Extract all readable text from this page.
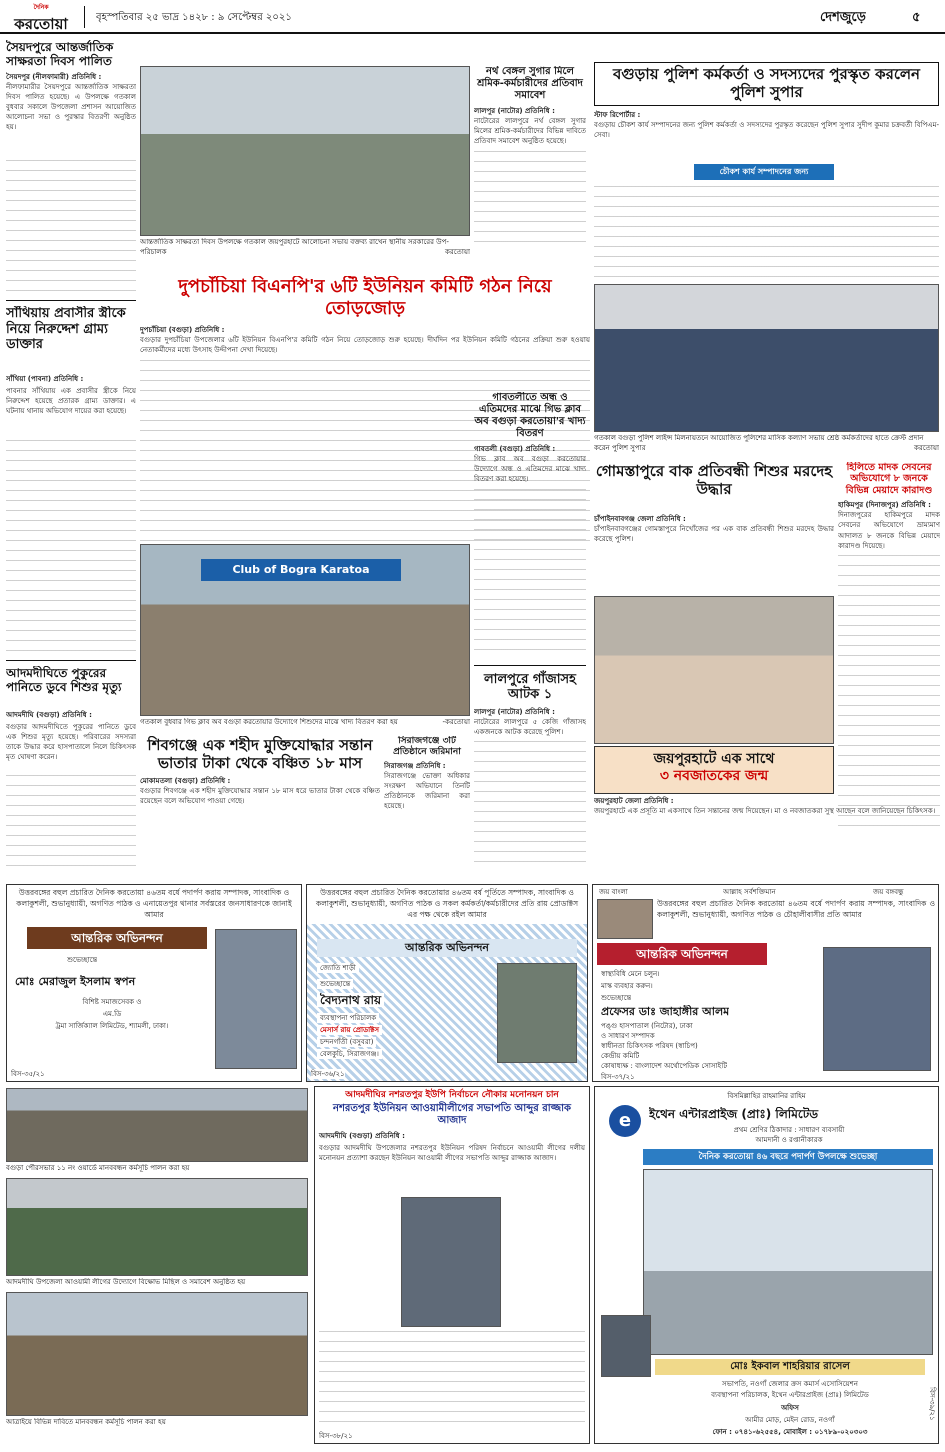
দৈনিক
করতোয়া	বৃহস্পতিবার ২৫ ভাদ্র ১৪২৮ : ৯ সেপ্টেম্বর ২০২১	দেশজুড়ে	৫
সৈয়দপুরে আন্তর্জাতিক সাক্ষরতা দিবস পালিত
সৈয়দপুর (নীলফামারী) প্রতিনিধি :
নীলফামারীর সৈয়দপুরে আন্তর্জাতিক সাক্ষরতা দিবস পালিত হয়েছে। এ উপলক্ষে গতকাল বুধবার সকালে উপজেলা প্রশাসন আয়োজিত আলোচনা সভা ও পুরস্কার বিতরণী অনুষ্ঠিত হয়।
সাঁথিয়ায় প্রবাসীর স্ত্রীকে নিয়ে নিরুদ্দেশ গ্রাম্য ডাক্তার
সাঁথিয়া (পাবনা) প্রতিনিধি :
পাবনার সাঁথিয়ায় এক প্রবাসীর স্ত্রীকে নিয়ে নিরুদ্দেশ হয়েছে প্রতারক গ্রাম্য ডাক্তার। এ ঘটনায় থানায় অভিযোগ দায়ের করা হয়েছে।
আদমদীঘিতে পুকুরের পানিতে ডুবে শিশুর মৃত্যু
আদমদীঘি (বগুড়া) প্রতিনিধি :
বগুড়ার আদমদীঘিতে পুকুরের পানিতে ডুবে এক শিশুর মৃত্যু হয়েছে। পরিবারের সদস্যরা তাকে উদ্ধার করে হাসপাতালে নিলে চিকিৎসক মৃত ঘোষণা করেন।
আন্তর্জাতিক সাক্ষরতা দিবস উপলক্ষে গতকাল জয়পুরহাটে আলোচনা সভায় বক্তব্য রাখেন স্থানীয় সরকারের উপ-পরিচালক	করতোয়া
নর্থ বেঙ্গল সুগার মিলে শ্রমিক-কর্মচারীদের প্রতিবাদ সমাবেশ
লালপুর (নাটোর) প্রতিনিধি :
নাটোরের লালপুরে নর্থ বেঙ্গল সুগার মিলের শ্রমিক-কর্মচারীদের বিভিন্ন দাবিতে প্রতিবাদ সমাবেশ অনুষ্ঠিত হয়েছে।
দুপচাঁচিয়া বিএনপি'র ৬টি ইউনিয়ন কমিটি গঠন নিয়ে তোড়জোড়
দুপচাঁচিয়া (বগুড়া) প্রতিনিধি :
বগুড়ার দুপচাঁচিয়া উপজেলার ৬টি ইউনিয়ন বিএনপি'র কমিটি গঠন নিয়ে তোড়জোড় শুরু হয়েছে। দীর্ঘদিন পর ইউনিয়ন কমিটি গঠনের প্রক্রিয়া শুরু হওয়ায় নেতাকর্মীদের মধ্যে উৎসাহ উদ্দীপনা দেখা দিয়েছে।
Club of Bogra Karatoa
গতকাল বুধবার গিভ ক্লাব অব বগুড়া করতোয়ার উদ্যোগে শিশুদের মাঝে খাদ্য বিতরণ করা হয়	-করতোয়া
গাবতলীতে অন্ধ ও এতিমদের মাঝে গিভ ক্লাব অব বগুড়া করতোয়া'র খাদ্য বিতরণ
গাবতলী (বগুড়া) প্রতিনিধি :
গিভ ক্লাব অব বগুড়া করতোয়ার উদ্যোগে অন্ধ ও এতিমদের মাঝে খাদ্য বিতরণ করা হয়েছে।
লালপুরে গাঁজাসহ আটক ১
লালপুর (নাটোর) প্রতিনিধি :
নাটোরের লালপুরে ৫ কেজি গাঁজাসহ একজনকে আটক করেছে পুলিশ।
শিবগঞ্জে এক শহীদ মুক্তিযোদ্ধার সন্তান ভাতার টাকা থেকে বঞ্চিত ১৮ মাস
মোকামতলা (বগুড়া) প্রতিনিধি :
বগুড়ার শিবগঞ্জে এক শহীদ মুক্তিযোদ্ধার সন্তান ১৮ মাস ধরে ভাতার টাকা থেকে বঞ্চিত রয়েছেন বলে অভিযোগ পাওয়া গেছে।
সিরাজগঞ্জে ৩টি প্রতিষ্ঠানে জরিমানা
সিরাজগঞ্জ প্রতিনিধি :
সিরাজগঞ্জে ভোক্তা অধিকার সংরক্ষণ অভিযানে তিনটি প্রতিষ্ঠানকে জরিমানা করা হয়েছে।
বগুড়ায় পুলিশ কর্মকর্তা ও সদস্যদের পুরস্কৃত করলেন পুলিশ সুপার
স্টাফ রিপোর্টার :
বগুড়ায় চৌকশ কার্য সম্পাদনের জন্য পুলিশ কর্মকর্তা ও সদস্যদের পুরস্কৃত করেছেন পুলিশ সুপার সুদীপ কুমার চক্রবর্তী বিপিএম-সেবা।
চৌকশ কার্য সম্পাদনের জন্য
গতকাল বগুড়া পুলিশ লাইন্স মিলনায়তনে আয়োজিত পুলিশের মাসিক কল্যাণ সভায় শ্রেষ্ঠ কর্মকর্তাদের হাতে ক্রেস্ট প্রদান করেন পুলিশ সুপার	করতোয়া
গোমস্তাপুরে বাক প্রতিবন্ধী শিশুর মরদেহ উদ্ধার
চাঁপাইনবাবগঞ্জ জেলা প্রতিনিধি :
চাঁপাইনবাবগঞ্জের গোমস্তাপুরে নিখোঁজের পর এক বাক প্রতিবন্ধী শিশুর মরদেহ উদ্ধার করেছে পুলিশ।
হিলিতে মাদক সেবনের অভিযোগে ৮ জনকে বিভিন্ন মেয়াদে কারাদণ্ড
হাকিমপুর (দিনাজপুর) প্রতিনিধি :
দিনাজপুরের হাকিমপুরে মাদক সেবনের অভিযোগে ভ্রাম্যমাণ আদালত ৮ জনকে বিভিন্ন মেয়াদে কারাদণ্ড দিয়েছে।
জয়পুরহাটে এক সাথে
৩ নবজাতকের জন্ম
জয়পুরহাট জেলা প্রতিনিধি :
জয়পুরহাটে এক প্রসূতি মা একসাথে তিন সন্তানের জন্ম দিয়েছেন। মা ও নবজাতকরা সুস্থ আছেন বলে জানিয়েছেন চিকিৎসক।
উত্তরবঙ্গের বহুল প্রচারিত দৈনিক করতোয়া ৪৬তম বর্ষে পদার্পণ করায় সম্পাদক, সাংবাদিক ও কলাকুশলী, শুভানুধ্যায়ী, অগণিত পাঠক ও এনায়েতপুর থানার সর্বস্তরের জনসাধারণকে জানাই আমার
আন্তরিক অভিনন্দন
শুভেচ্ছান্তে
মোঃ মেরাজুল ইসলাম স্বপন
বিশিষ্ট সমাজসেবক ও
এম.ডি
ট্রমা সার্জিক্যাল লিমিটেড, শ্যামলী, ঢাকা।
বিস-৩৫/২১
উত্তরবঙ্গের বহুল প্রচারিত দৈনিক করতোয়ার ৪৬তম বর্ষ পূর্তিতে সম্পাদক, সাংবাদিক ও কলাকুশলী, শুভানুধ্যায়ী, অগণিত পাঠক ও সকল কর্মকর্তা/কর্মচারীদের প্রতি রায় প্রোডাক্টস এর পক্ষ থেকে রইল আমার
আন্তরিক অভিনন্দন
জ্যোতি শাড়ী
শুভেচ্ছান্তে
বৈদ্যনাথ রায়
ব্যবস্থাপনা পরিচালক
মেসার্স রায় প্রোডাক্টস
চন্দনগাঁতী (বসুবরা)
বেলকুচি, সিরাজগঞ্জ।
বিস-৩৬/২১
জয় বাংলা	আল্লাহ সর্বশক্তিমান	জয় বঙ্গবন্ধু
উত্তরবঙ্গের বহুল প্রচারিত দৈনিক করতোয়া ৪৬তম বর্ষে পদার্পণ করায় সম্পাদক, সাংবাদিক ও কলাকুশলী, শুভানুধ্যায়ী, অগণিত পাঠক ও চৌহালীবাসীর প্রতি আমার
আন্তরিক অভিনন্দন
স্বাস্থ্যবিধি মেনে চলুন।
মাস্ক ব্যবহার করুন।
শুভেচ্ছান্তে
প্রফেসর ডাঃ জাহাঙ্গীর আলম
পঙ্গু হাসপাতাল (নিটোর), ঢাকা
ও সাধারণ সম্পাদক
স্বাধীনতা চিকিৎসক পরিষদ (স্বাচিপ)
কেন্দ্রীয় কমিটি
কোষাধ্যক্ষ : বাংলাদেশ অর্থোপেডিক সোসাইটি
বিস-৩৭/২১
বগুড়া পৌরসভার ১১ নং ওয়ার্ডে মানববন্ধন কর্মসূচি পালন করা হয়
আদমদীঘি উপজেলা আওয়ামী লীগের উদ্যোগে বিক্ষোভ মিছিল ও সমাবেশ অনুষ্ঠিত হয়
আত্রাইয়ে বিভিন্ন দাবিতে মানববন্ধন কর্মসূচি পালন করা হয়
আদমদীঘির নশরতপুর ইউপি নির্বাচনে নৌকার মনোনয়ন চান
নশরতপুর ইউনিয়ন আওয়ামীলীগের সভাপতি আব্দুর রাজ্জাক আজাদ
আদমদীঘি (বগুড়া) প্রতিনিধি :
বগুড়ার আদমদীঘি উপজেলার নশরতপুর ইউনিয়ন পরিষদ নির্বাচনে আওয়ামী লীগের দলীয় মনোনয়ন প্রত্যাশা করছেন ইউনিয়ন আওয়ামী লীগের সভাপতি আব্দুর রাজ্জাক আজাদ।
বিস-৩৮/২১
বিসমিল্লাহির রাহমানির রাহিম
e	ইথেন এন্টারপ্রাইজ (প্রাঃ) লিমিটেড
প্রথম শ্রেণির ঠিকাদার : সাধারণ ব্যবসায়ী
আমদানী ও রপ্তানীকারক
দৈনিক করতোয়া ৪৬ বছরে পদার্পণ উপলক্ষে শুভেচ্ছা
মোঃ ইকবাল শাহরিয়ার রাসেল
সভাপতি, নওগাঁ জেলার ক্রস কমার্স এসোসিয়েশন
ব্যবস্থাপনা পরিচালক, ইথেন এন্টারপ্রাইজ (প্রাঃ) লিমিটেড
অফিস
আমীর মোড়, মেইন রোড, নওগাঁ
ফোন : ০৭৪১-৬২৫৫৪, মোবাইল : ০১৭৮৯-০২০৩০৩
বিস-৩৯/২১
